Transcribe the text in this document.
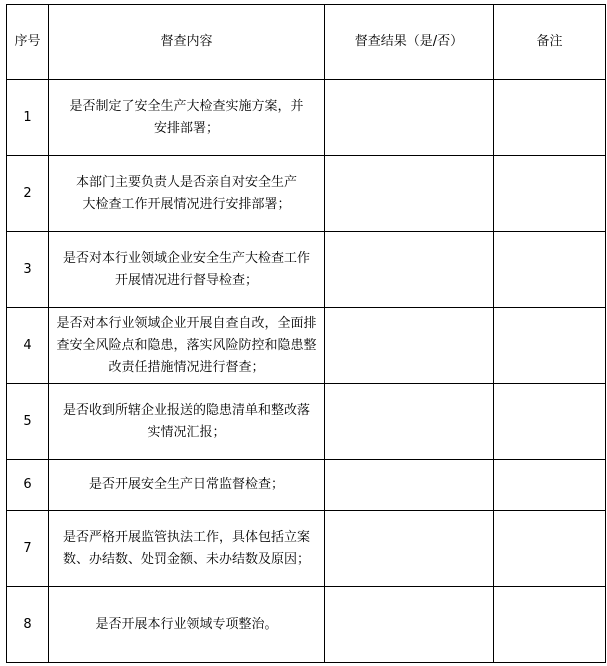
序号	督查内容	督查结果（是/否）	备注
1	是否制定了安全生产大检查实施方案，并安排部署；		
2	本部门主要负责人是否亲自对安全生产大检查工作开展情况进行安排部署；		
3	是否对本行业领域企业安全生产大检查工作开展情况进行督导检查；		
4	是否对本行业领域企业开展自查自改，全面排查安全风险点和隐患，落实风险防控和隐患整改责任措施情况进行督查；		
5	是否收到所辖企业报送的隐患清单和整改落实情况汇报；		
6	是否开展安全生产日常监督检查；		
7	是否严格开展监管执法工作，具体包括立案数、办结数、处罚金额、未办结数及原因；		
8	是否开展本行业领域专项整治。		
